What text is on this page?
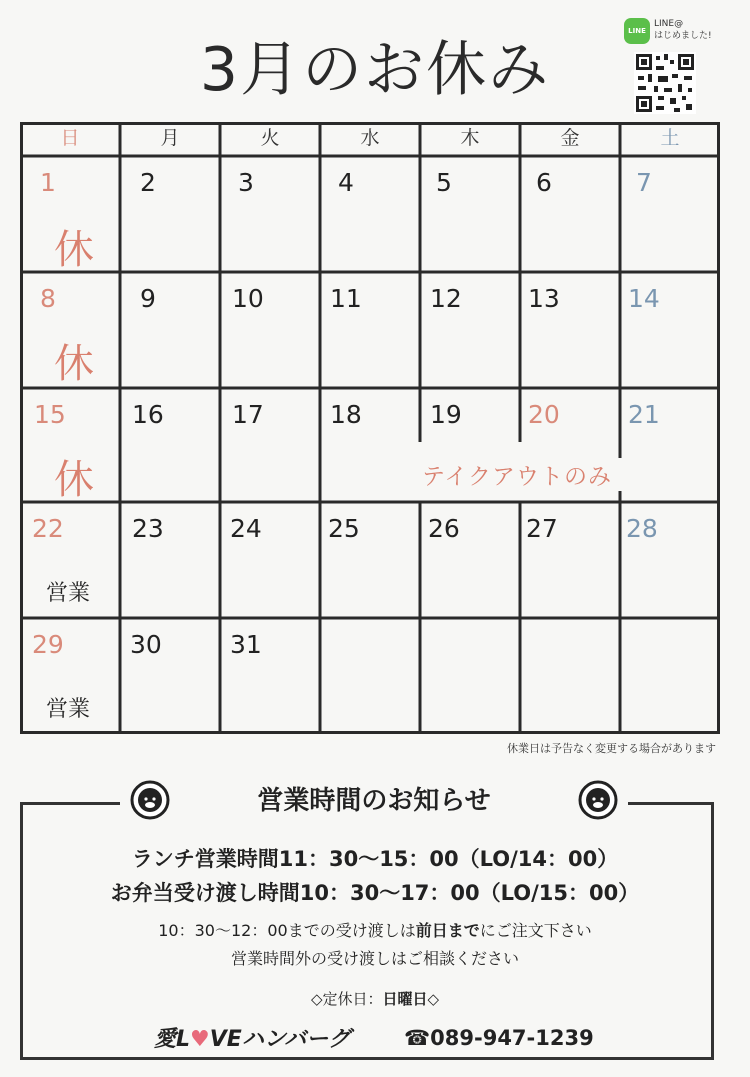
3月のお休み
LINE
LINE@
はじめました!
日	月	火	水	木	金	土
1	2	3	4	5	6	7
休
8	9	10	11	12	13	14
休
15	16	17	18	19	20	21
休	テイクアウトのみ
22	23	24	25	26	27	28
営業
29	30	31
営業
休業日は予告なく変更する場合があります
営業時間のお知らせ
ランチ営業時間11：30〜15：00（LO/14：00）
お弁当受け渡し時間10：30〜17：00（LO/15：00）
10：30〜12：00までの受け渡しは前日までにご注文下さい
営業時間外の受け渡しはご相談ください
◇定休日：日曜日◇
愛L♥VEハンバーグ	☎089-947-1239
